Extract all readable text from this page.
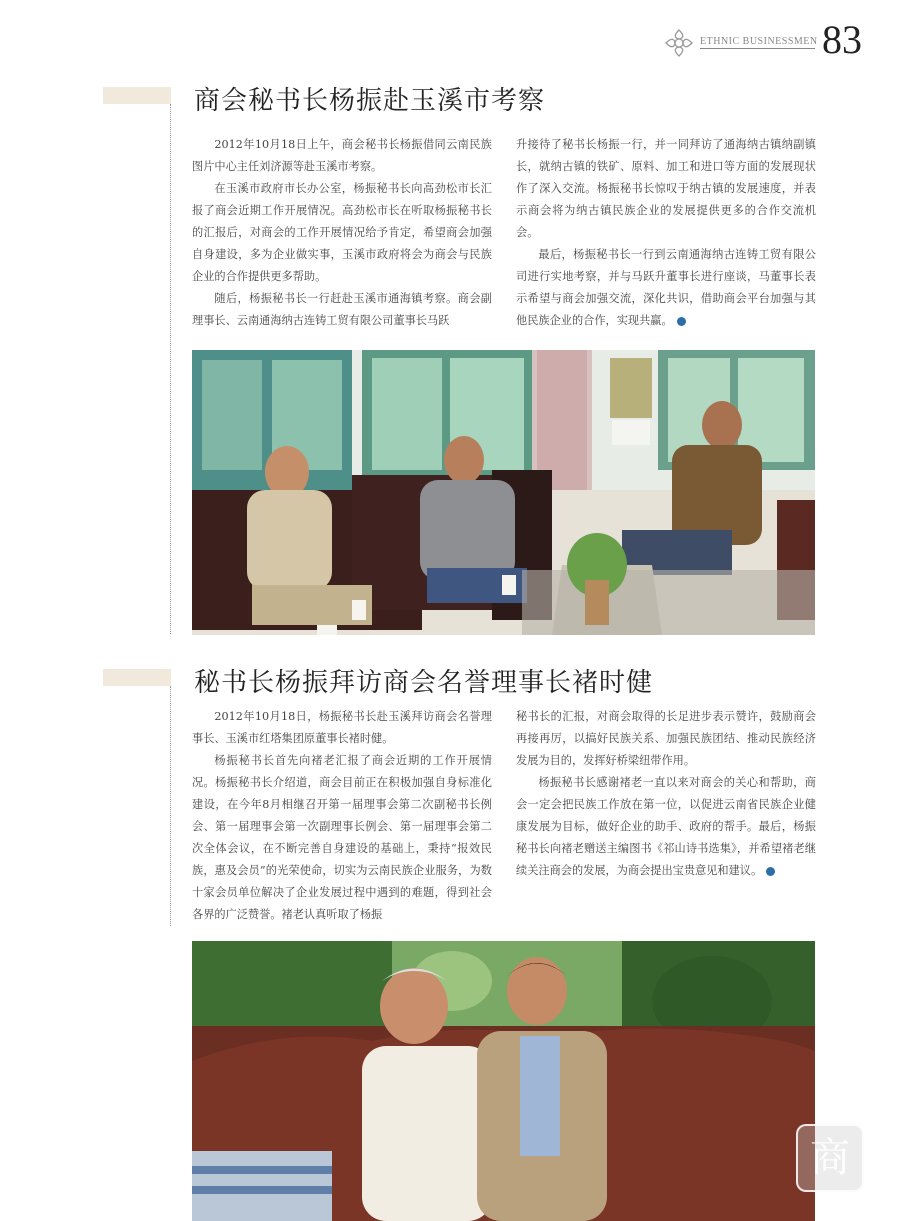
ETHNIC BUSINESSMEN 83
商会秘书长杨振赴玉溪市考察

2012年10月18日上午，商会秘书长杨振借同云南民族图片中心主任刘济源等赴玉溪市考察。

在玉溪市政府市长办公室，杨振秘书长向高劲松市长汇报了商会近期工作开展情况。高劲松市长在听取杨振秘书长的汇报后，对商会的工作开展情况给予肯定，希望商会加强自身建设，多为企业做实事，玉溪市政府将会为商会与民族企业的合作提供更多帮助。

随后，杨振秘书长一行赶赴玉溪市通海镇考察。商会副理事长、云南通海纳古连铸工贸有限公司董事长马跃

升接待了秘书长杨振一行，并一同拜访了通海纳古镇纳副镇长，就纳古镇的铁矿、原料、加工和进口等方面的发展现状作了深入交流。杨振秘书长惊叹于纳古镇的发展速度，并表示商会将为纳古镇民族企业的发展提供更多的合作交流机会。

最后，杨振秘书长一行到云南通海纳古连铸工贸有限公司进行实地考察，并与马跃升董事长进行座谈，马董事长表示希望与商会加强交流，深化共识，借助商会平台加强与其他民族企业的合作，实现共赢。

秘书长杨振拜访商会名誉理事长褚时健

2012年10月18日，杨振秘书长赴玉溪拜访商会名誉理事长、玉溪市红塔集团原董事长褚时健。

杨振秘书长首先向褚老汇报了商会近期的工作开展情况。杨振秘书长介绍道，商会目前正在积极加强自身标准化建设，在今年8月相继召开第一届理事会第二次副秘书长例会、第一届理事会第一次副理事长例会、第一届理事会第二次全体会议，在不断完善自身建设的基础上，秉持“报效民族，惠及会员”的光荣使命，切实为云南民族企业服务，为数十家会员单位解决了企业发展过程中遇到的难题，得到社会各界的广泛赞誉。褚老认真听取了杨振

秘书长的汇报，对商会取得的长足进步表示赞许，鼓励商会再接再厉，以搞好民族关系、加强民族团结、推动民族经济发展为目的，发挥好桥梁纽带作用。

杨振秘书长感谢褚老一直以来对商会的关心和帮助，商会一定会把民族工作放在第一位，以促进云南省民族企业健康发展为目标，做好企业的助手、政府的帮手。最后，杨振秘书长向褚老赠送主编图书《祁山诗书选集》，并希望褚老继续关注商会的发展，为商会提出宝贵意见和建议。

商
